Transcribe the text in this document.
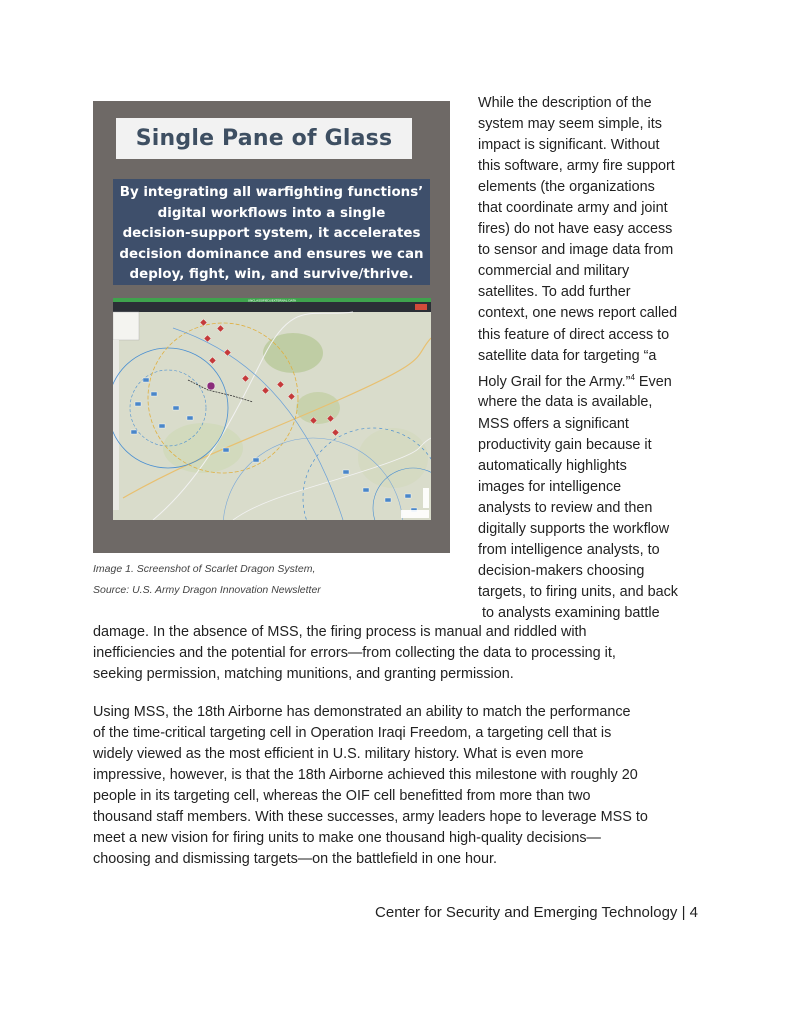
Single Pane of Glass
By integrating all warfighting functions’
digital workflows into a single
decision-support system, it accelerates
decision dominance and ensures we can
deploy, fight, win, and survive/thrive.
UNCLASSIFIED//EXTERNAL DATA
Image 1. Screenshot of Scarlet Dragon System,
Source: U.S. Army Dragon Innovation Newsletter
While the description of the
system may seem simple, its
impact is significant. Without
this software, army fire support
elements (the organizations
that coordinate army and joint
fires) do not have easy access
to sensor and image data from
commercial and military
satellites. To add further
context, one news report called
this feature of direct access to
satellite data for targeting “a
Holy Grail for the Army.”$^4$ Even
where the data is available,
MSS offers a significant
productivity gain because it
automatically highlights
images for intelligence
analysts to review and then
digitally supports the workflow
from intelligence analysts, to
decision-makers choosing
targets, to firing units, and back
to analysts examining battle
damage. In the absence of MSS, the firing process is manual and riddled with
inefficiencies and the potential for errors—from collecting the data to processing it,
seeking permission, matching munitions, and granting permission.
Using MSS, the 18th Airborne has demonstrated an ability to match the performance
of the time-critical targeting cell in Operation Iraqi Freedom, a targeting cell that is
widely viewed as the most efficient in U.S. military history. What is even more
impressive, however, is that the 18th Airborne achieved this milestone with roughly 20
people in its targeting cell, whereas the OIF cell benefitted from more than two
thousand staff members. With these successes, army leaders hope to leverage MSS to
meet a new vision for firing units to make one thousand high-quality decisions—
choosing and dismissing targets—on the battlefield in one hour.
Center for Security and Emerging Technology | 4
